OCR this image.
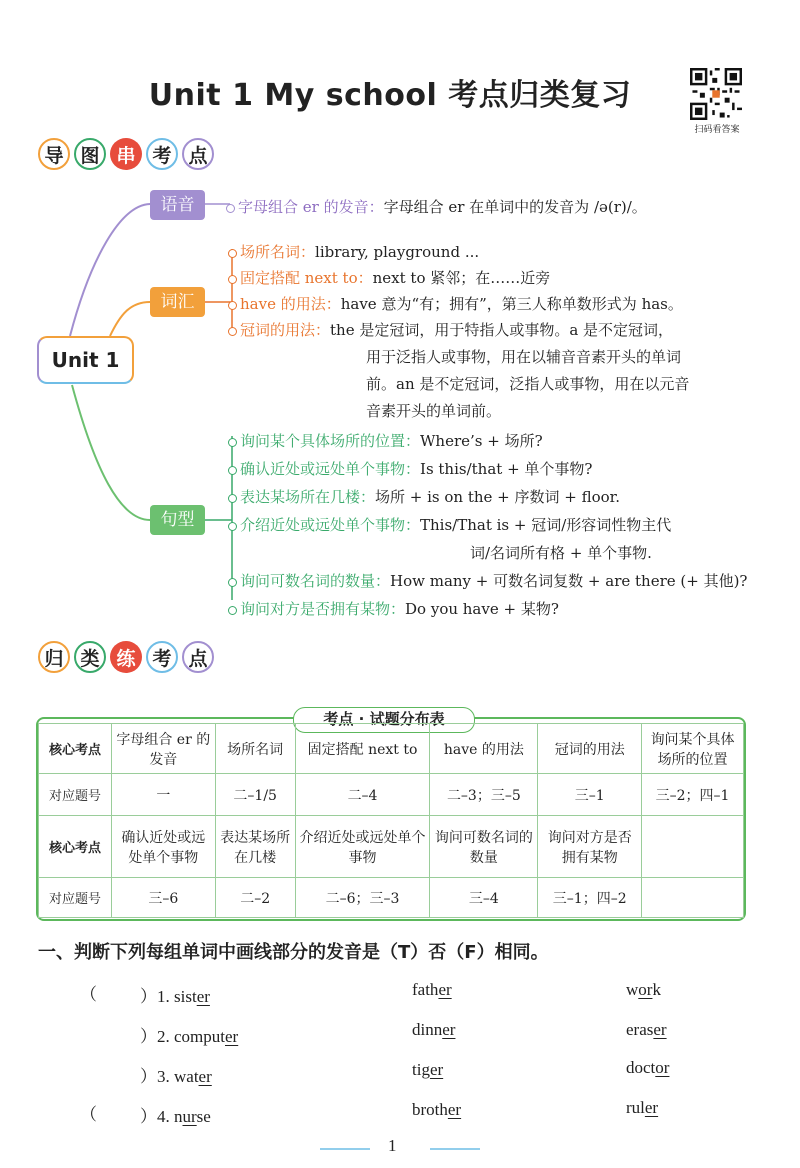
Unit 1 My school 考点归类复习
扫码看答案
导 图 串 考 点
Unit 1
语音
词汇
句型
字母组合 er 的发音：字母组合 er 在单词中的发音为 /ə(r)/。
场所名词：library, playground ...
固定搭配 next to：next to 紧邻；在……近旁
have 的用法：have 意为“有；拥有”，第三人称单数形式为 has。
冠词的用法：the 是定冠词，用于特指人或事物。a 是不定冠词，
用于泛指人或事物，用在以辅音音素开头的单词
前。an 是不定冠词，泛指人或事物，用在以元音
音素开头的单词前。
询问某个具体场所的位置：Where’s + 场所?
确认近处或远处单个事物：Is this/that + 单个事物?
表达某场所在几楼：场所 + is on the + 序数词 + floor.
介绍近处或远处单个事物：This/That is + 冠词/形容词性物主代
词/名词所有格 + 单个事物.
询问可数名词的数量：How many + 可数名词复数 + are there (+ 其他)?
询问对方是否拥有某物：Do you have + 某物?
归 类 练 考 点
考点 · 试题分布表
核心考点	字母组合 er 的发音	场所名词	固定搭配 next to	have 的用法	冠词的用法	询问某个具体场所的位置
对应题号	一	二–1/5	二–4	二–3；三–5	三–1	三–2；四–1
核心考点	确认近处或远处单个事物	表达某场所在几楼	介绍近处或远处单个事物	询问可数名词的数量	询问对方是否拥有某物	
对应题号	三–6	二–2	二–6；三–3	三–4	三–1；四–2	
一、判断下列每组单词中画线部分的发音是（T）否（F）相同。
（	）1. sister	father	work
）2. computer	dinner	eraser
）3. water	tiger	doctor
（	）4. nurse	brother	ruler
1
